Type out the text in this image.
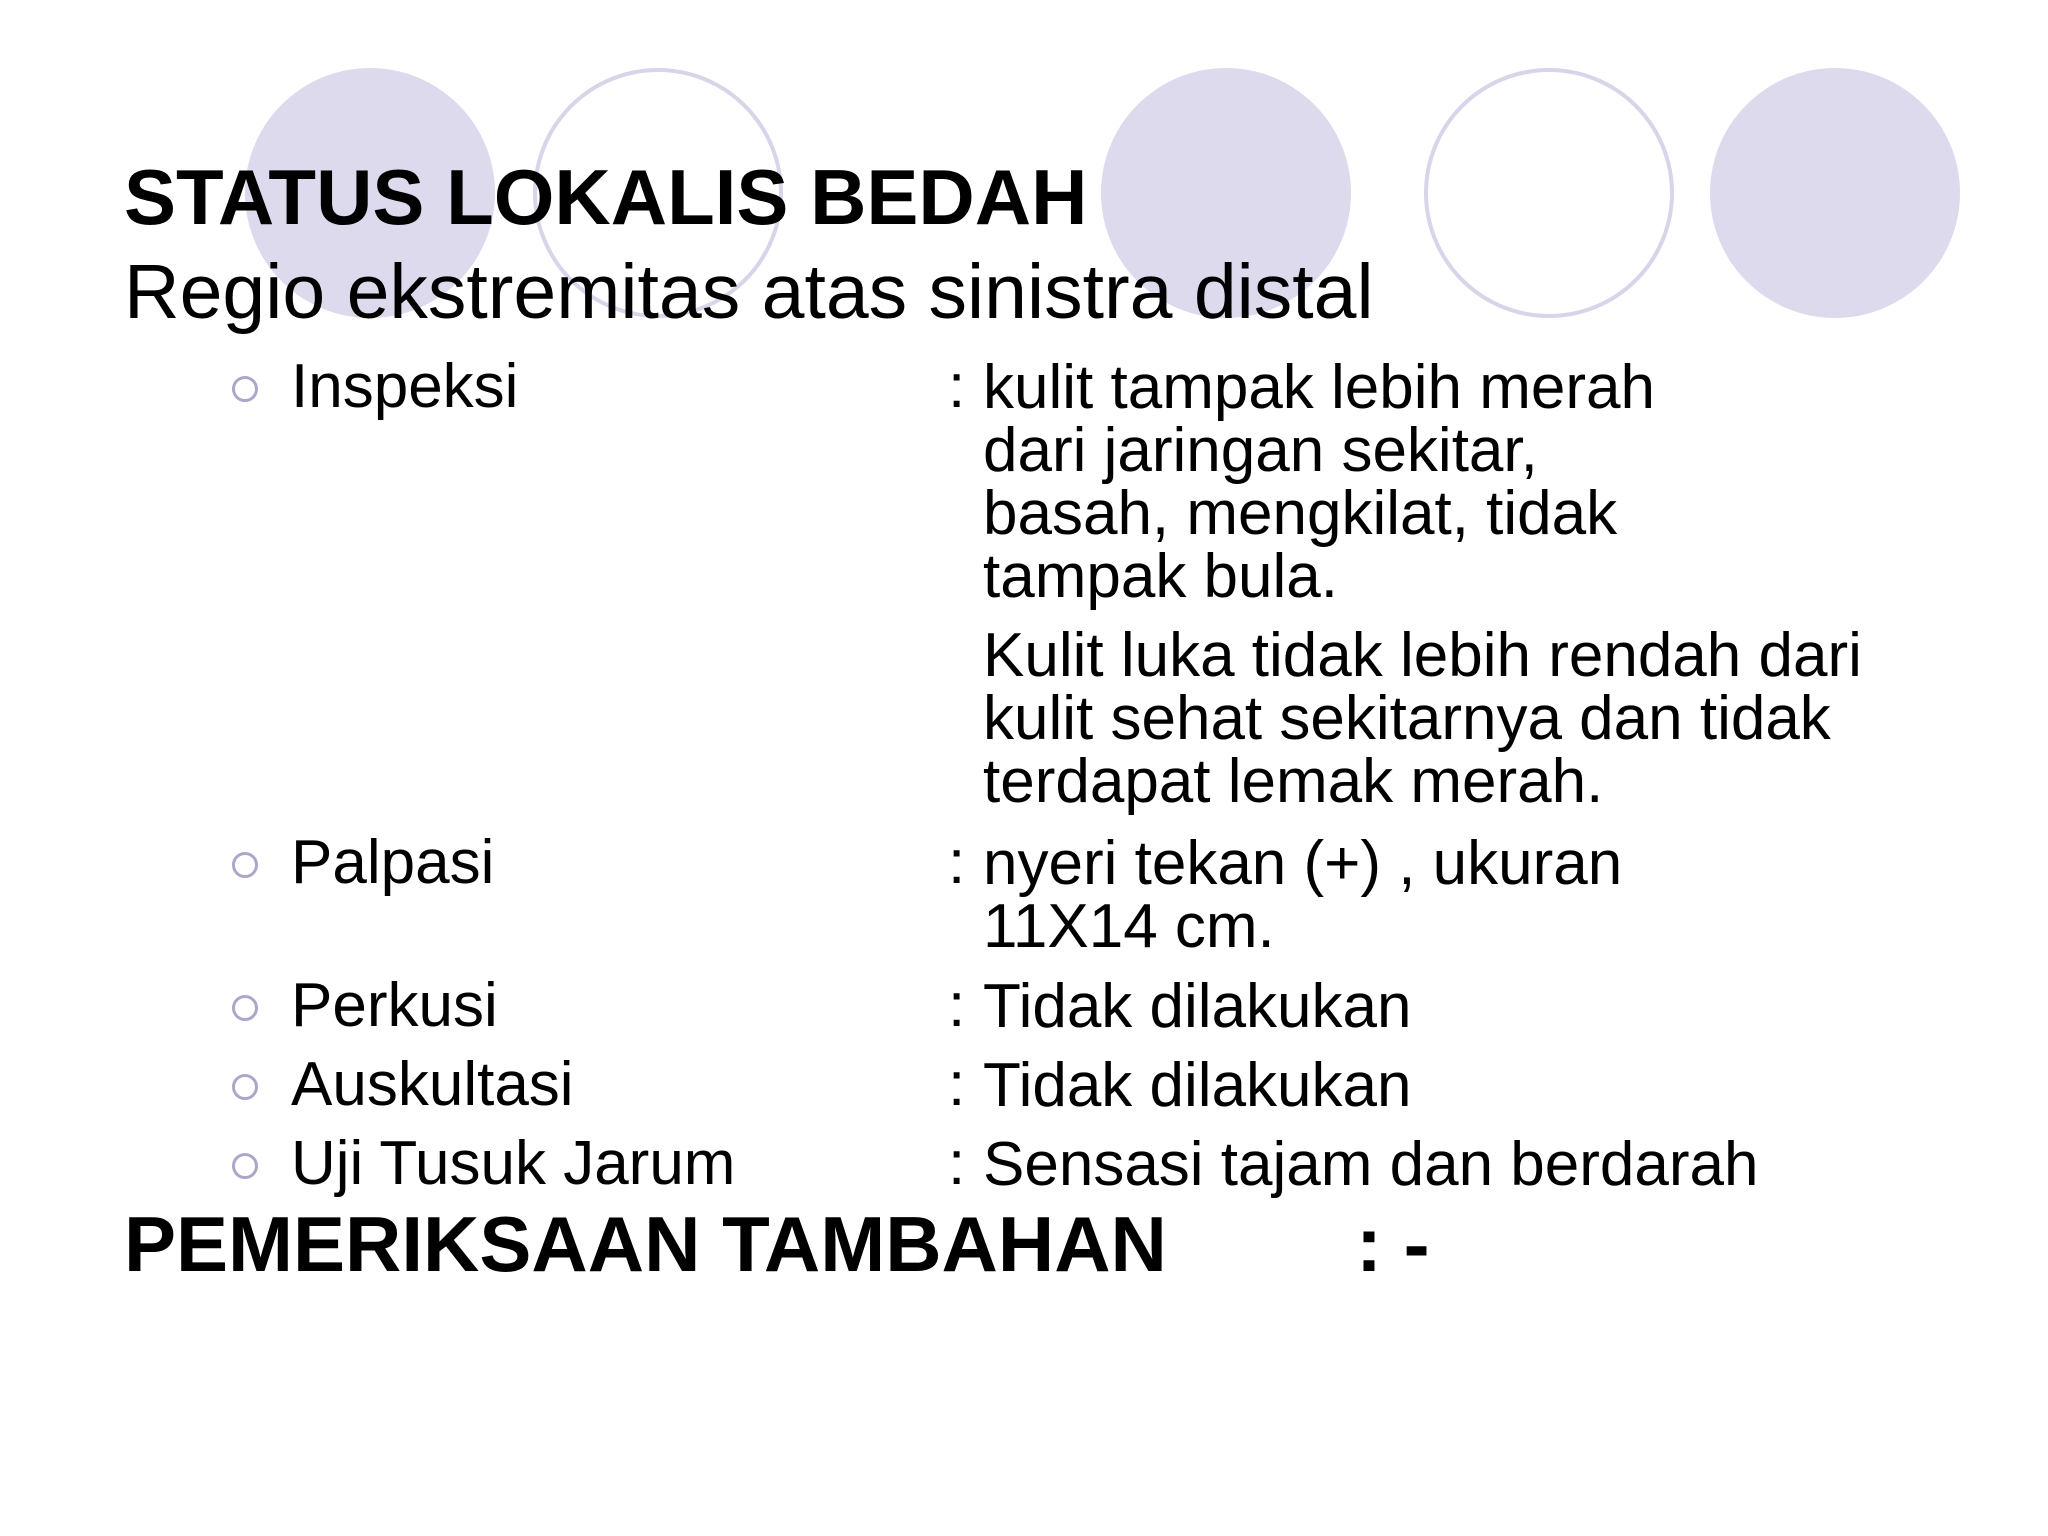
STATUS LOKALIS BEDAH
Regio ekstremitas atas sinistra distal
Inspeksi	: kulit tampak lebih merah
dari jaringan sekitar,
basah, mengkilat, tidak
tampak bula.
Kulit luka tidak lebih rendah dari
kulit sehat sekitarnya dan tidak
terdapat lemak merah.
Palpasi	: nyeri tekan (+) , ukuran
11X14 cm.
Perkusi	: Tidak dilakukan
Auskultasi	: Tidak dilakukan
Uji Tusuk Jarum	: Sensasi tajam dan berdarah
PEMERIKSAAN TAMBAHAN : -
